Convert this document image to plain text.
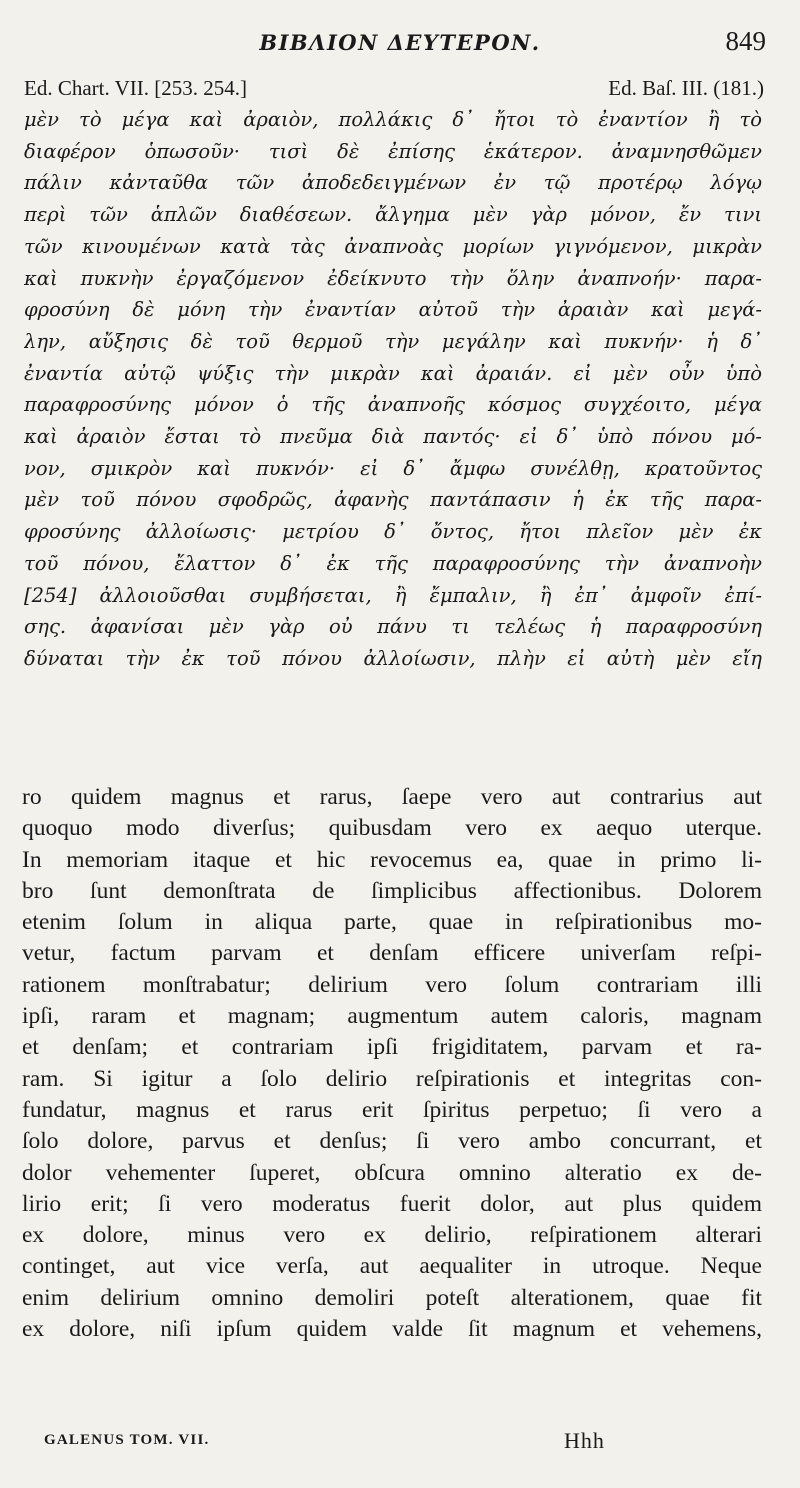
BIBΛΙΟΝ ΔΕΥΤΕΡΟΝ.	849
Ed. Chart. VII. [253. 254.]	Ed. Baſ. III. (181.)
μὲν τὸ μέγα καὶ ἀραιὸν, πολλάκις δ᾽ ἤτοι τὸ ἐναντίον ἢ τὸ
διαφέρον ὁπωσοῦν· τισὶ δὲ ἐπίσης ἑκάτερον. ἀναμνησθῶμεν
πάλιν κἀνταῦθα τῶν ἀποδεδειγμένων ἐν τῷ προτέρῳ λόγῳ
περὶ τῶν ἁπλῶν διαθέσεων. ἄλγημα μὲν γὰρ μόνον, ἔν τινι
τῶν κινουμένων κατὰ τὰς ἀναπνοὰς μορίων γιγνόμενον, μικρὰν
καὶ πυκνὴν ἐργαζόμενον ἐδείκνυτο τὴν ὅλην ἀναπνοήν· παρα-
φροσύνη δὲ μόνη τὴν ἐναντίαν αὐτοῦ τὴν ἀραιὰν καὶ μεγά-
λην, αὔξησις δὲ τοῦ θερμοῦ τὴν μεγάλην καὶ πυκνήν· ἡ δ᾽
ἐναντία αὐτῷ ψύξις τὴν μικρὰν καὶ ἀραιάν. εἰ μὲν οὖν ὑπὸ
παραφροσύνης μόνον ὁ τῆς ἀναπνοῆς κόσμος συγχέοιτο, μέγα
καὶ ἀραιὸν ἔσται τὸ πνεῦμα διὰ παντός· εἰ δ᾽ ὑπὸ πόνου μό-
νον, σμικρὸν καὶ πυκνόν· εἰ δ᾽ ἄμφω συνέλθῃ, κρατοῦντος
μὲν τοῦ πόνου σφοδρῶς, ἀφανὴς παντάπασιν ἡ ἐκ τῆς παρα-
φροσύνης ἀλλοίωσις· μετρίου δ᾽ ὄντος, ἤτοι πλεῖον μὲν ἐκ
τοῦ πόνου, ἔλαττον δ᾽ ἐκ τῆς παραφροσύνης τὴν ἀναπνοὴν
[254] ἀλλοιοῦσθαι συμβήσεται, ἢ ἔμπαλιν, ἢ ἐπ᾽ ἀμφοῖν ἐπί-
σης. ἀφανίσαι μὲν γὰρ οὐ πάνυ τι τελέως ἡ παραφροσύνη
δύναται τὴν ἐκ τοῦ πόνου ἀλλοίωσιν, πλὴν εἰ αὐτὴ μὲν εἴη
ro quidem magnus et rarus, ſaepe vero aut contrarius aut
quoquo modo diverſus; quibusdam vero ex aequo uterque.
In memoriam itaque et hic revocemus ea, quae in primo li-
bro ſunt demonſtrata de ſimplicibus affectionibus. Dolorem
etenim ſolum in aliqua parte, quae in reſpirationibus mo-
vetur, factum parvam et denſam efficere univerſam reſpi-
rationem monſtrabatur; delirium vero ſolum contrariam illi
ipſi, raram et magnam; augmentum autem caloris, magnam
et denſam; et contrariam ipſi frigiditatem, parvam et ra-
ram. Si igitur a ſolo delirio reſpirationis et integritas con-
fundatur, magnus et rarus erit ſpiritus perpetuo; ſi vero a
ſolo dolore, parvus et denſus; ſi vero ambo concurrant, et
dolor vehementer ſuperet, obſcura omnino alteratio ex de-
lirio erit; ſi vero moderatus fuerit dolor, aut plus quidem
ex dolore, minus vero ex delirio, reſpirationem alterari
continget, aut vice verſa, aut aequaliter in utroque. Neque
enim delirium omnino demoliri poteſt alterationem, quae fit
ex dolore, niſi ipſum quidem valde ſit magnum et vehemens,
GALENUS TOM. VII.	Hhh
